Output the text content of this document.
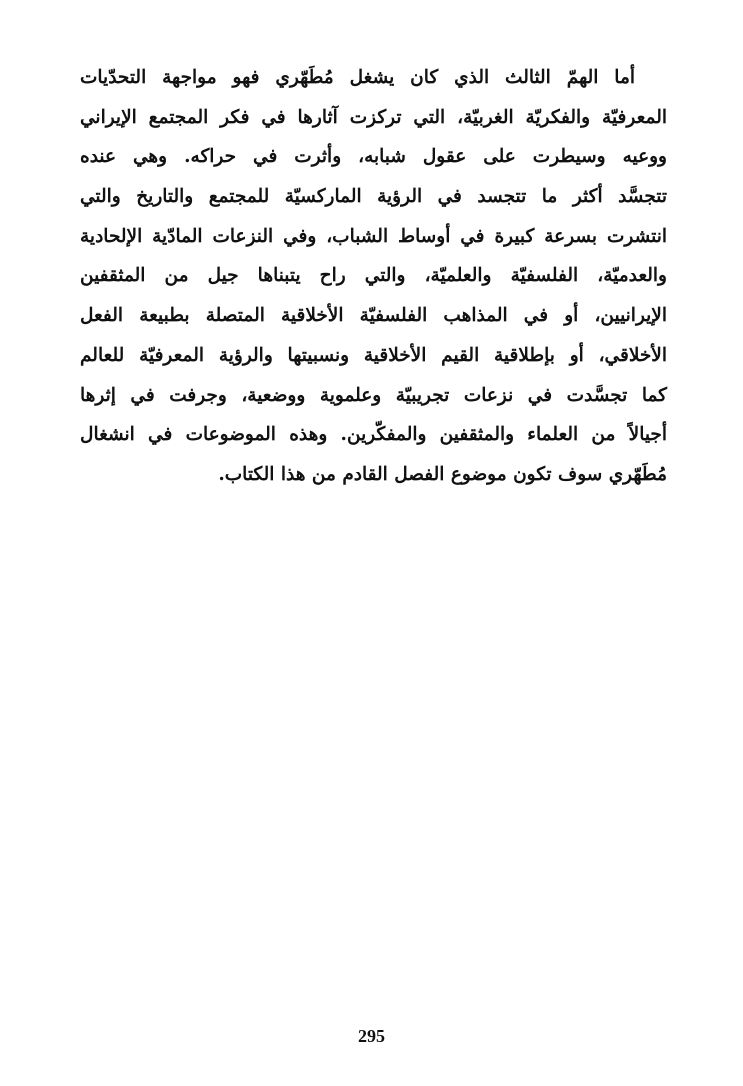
أما الهمّ الثالث الذي كان يشغل مُطَهّري فهو مواجهة التحدّيات
المعرفيّة والفكريّة الغربيّة، التي تركزت آثارها في فكر المجتمع الإيراني
ووعيه وسيطرت على عقول شبابه، وأثرت في حراكه. وهي عنده
تتجسَّد أكثر ما تتجسد في الرؤية الماركسيّة للمجتمع والتاريخ والتي
انتشرت بسرعة كبيرة في أوساط الشباب، وفي النزعات المادّية الإلحادية
والعدميّة، الفلسفيّة والعلميّة، والتي راح يتبناها جيل من المثقفين
الإيرانيين، أو في المذاهب الفلسفيّة الأخلاقية المتصلة بطبيعة الفعل
الأخلاقي، أو بإطلاقية القيم الأخلاقية ونسبيتها والرؤية المعرفيّة للعالم
كما تجسَّدت في نزعات تجريبيّة وعلموية ووضعية، وجرفت في إثرها
أجيالاً من العلماء والمثقفين والمفكّرين. وهذه الموضوعات في انشغال
مُطَهّري سوف تكون موضوع الفصل القادم من هذا الكتاب.
295
